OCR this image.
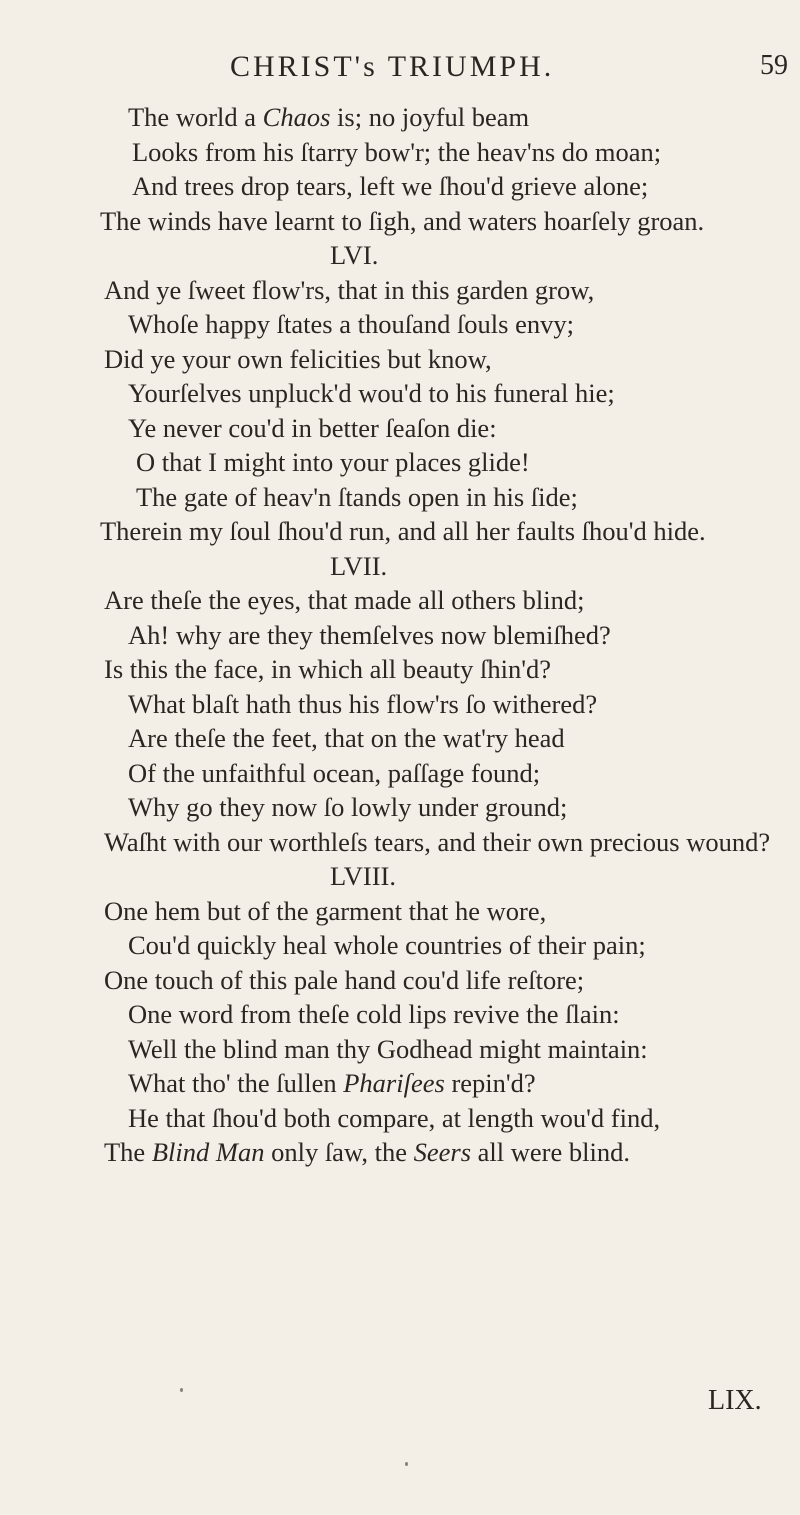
CHRIST's TRIUMPH.	59
The world a Chaos is; no joyful beam
Looks from his ſtarry bow'r; the heav'ns do moan;
And trees drop tears, left we ſhou'd grieve alone;
The winds have learnt to ſigh, and waters hoarſely groan.
LVI.
And ye ſweet flow'rs, that in this garden grow,
Whoſe happy ſtates a thouſand ſouls envy;
Did ye your own felicities but know,
Yourſelves unpluck'd wou'd to his funeral hie;
Ye never cou'd in better ſeaſon die:
O that I might into your places glide!
The gate of heav'n ſtands open in his ſide;
Therein my ſoul ſhou'd run, and all her faults ſhou'd hide.
LVII.
Are theſe the eyes, that made all others blind;
Ah! why are they themſelves now blemiſhed?
Is this the face, in which all beauty ſhin'd?
What blaſt hath thus his flow'rs ſo withered?
Are theſe the feet, that on the wat'ry head
Of the unfaithful ocean, paſſage found;
Why go they now ſo lowly under ground;
Waſht with our worthleſs tears, and their own precious wound?
LVIII.
One hem but of the garment that he wore,
Cou'd quickly heal whole countries of their pain;
One touch of this pale hand cou'd life reſtore;
One word from theſe cold lips revive the ſlain:
Well the blind man thy Godhead might maintain:
What tho' the ſullen Phariſees repin'd?
He that ſhou'd both compare, at length wou'd find,
The Blind Man only ſaw, the Seers all were blind.
LIX.
